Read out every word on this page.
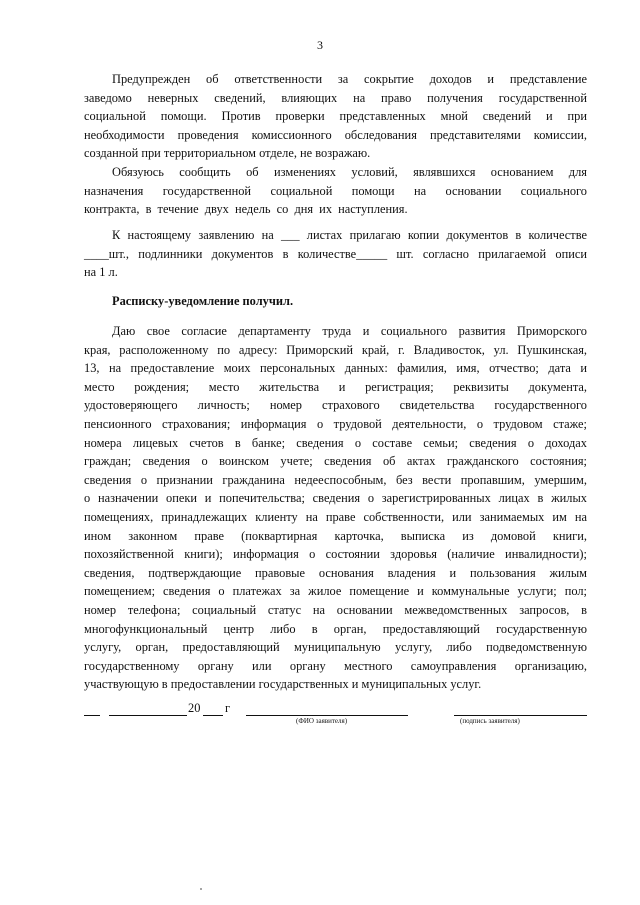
3
Предупрежден об ответственности за сокрытие доходов и представление
заведомо неверных сведений, влияющих на право получения государственной
социальной помощи. Против проверки представленных мной сведений и при
необходимости проведения комиссионного обследования представителями комиссии,
созданной при территориальном отделе, не возражаю.
Обязуюсь сообщить об изменениях условий, являвшихся основанием для
назначения государственной социальной помощи на основании социального
контракта, в течение двух недель со дня их наступления.
К настоящему заявлению на ___ листах прилагаю копии документов в количестве
____шт., подлинники документов в количестве_____ шт. согласно прилагаемой описи
на 1 л.
Расписку-уведомление получил.
Даю свое согласие департаменту труда и социального развития Приморского
края, расположенному по адресу: Приморский край, г. Владивосток, ул. Пушкинская,
13, на предоставление моих персональных данных: фамилия, имя, отчество; дата и
место рождения; место жительства и регистрация; реквизиты документа,
удостоверяющего личность; номер страхового свидетельства государственного
пенсионного страхования; информация о трудовой деятельности, о трудовом стаже;
номера лицевых счетов в банке; сведения о составе семьи; сведения о доходах
граждан; сведения о воинском учете; сведения об актах гражданского состояния;
сведения о признании гражданина недееспособным, без вести пропавшим, умершим,
о назначении опеки и попечительства; сведения о зарегистрированных лицах в жилых
помещениях, принадлежащих клиенту на праве собственности, или занимаемых им на
ином законном праве (поквартирная карточка, выписка из домовой книги,
похозяйственной книги); информация о состоянии здоровья (наличие инвалидности);
сведения, подтверждающие правовые основания владения и пользования жилым
помещением; сведения о платежах за жилое помещение и коммунальные услуги; пол;
номер телефона; социальный статус на основании межведомственных запросов, в
многофункциональный центр либо в орган, предоставляющий государственную
услугу, орган, предоставляющий муниципальную услугу, либо подведомственную
государственному органу или органу местного самоуправления организацию,
участвующую в предоставлении государственных и муниципальных услуг.
20 г
(ФИО заявителя)	(подпись заявителя)
